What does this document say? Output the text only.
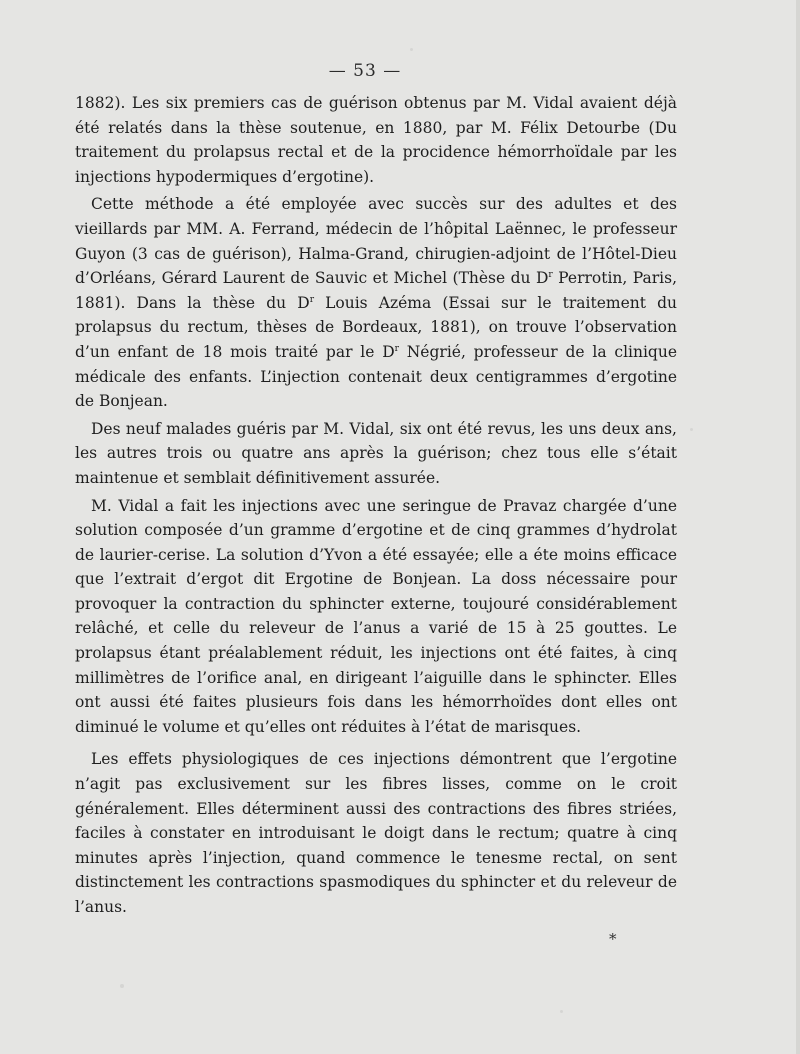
— 53 —

1882). Les six premiers cas de guérison obtenus par M. Vidal avaient déjà été relatés dans la thèse soutenue, en 1880, par M. Félix Detourbe (Du traitement du prolapsus rectal et de la procidence hémorrhoïdale par les injections hypodermiques d’ergotine).

Cette méthode a été employée avec succès sur des adultes et des vieillards par MM. A. Ferrand, médecin de l’hôpital Laënnec, le professeur Guyon (3 cas de guérison), Halma-Grand, chirugien-adjoint de l’Hôtel-Dieu d’Orléans, Gérard Laurent de Sauvic et Michel (Thèse du $D^r$ Perrotin, Paris, 1881). Dans la thèse du $D^r$ Louis Azéma (Essai sur le traitement du prolapsus du rectum, thèses de Bordeaux, 1881), on trouve l’observation d’un enfant de 18 mois traité par le $D^r$ Négrié, professeur de la clinique médicale des enfants. L’injection contenait deux centigrammes d’ergotine de Bonjean.

Des neuf malades guéris par M. Vidal, six ont été revus, les uns deux ans, les autres trois ou quatre ans après la guérison; chez tous elle s’était maintenue et semblait définitivement assurée.

M. Vidal a fait les injections avec une seringue de Pravaz chargée d’une solution composée d’un gramme d’ergotine et de cinq grammes d’hydrolat de laurier-cerise. La solution d’Yvon a été essayée; elle a éte moins efficace que l’extrait d’ergot dit Ergotine de Bonjean. La doss nécessaire pour provoquer la contraction du sphincter externe, toujouré considérablement relâché, et celle du releveur de l’anus a varié de 15 à 25 gouttes. Le prolapsus étant préalablement réduit, les injections ont été faites, à cinq millimètres de l’orifice anal, en dirigeant l’aiguille dans le sphincter. Elles ont aussi été faites plusieurs fois dans les hémorrhoïdes dont elles ont diminué le volume et qu’elles ont réduites à l’état de marisques.

Les effets physiologiques de ces injections démontrent que l’ergotine n’agit pas exclusivement sur les fibres lisses, comme on le croit généralement. Elles déterminent aussi des contractions des fibres striées, faciles à constater en introduisant le doigt dans le rectum; quatre à cinq minutes après l’injection, quand commence le tenesme rectal, on sent distinctement les contractions spasmodiques du sphincter et du releveur de l’anus.

*
